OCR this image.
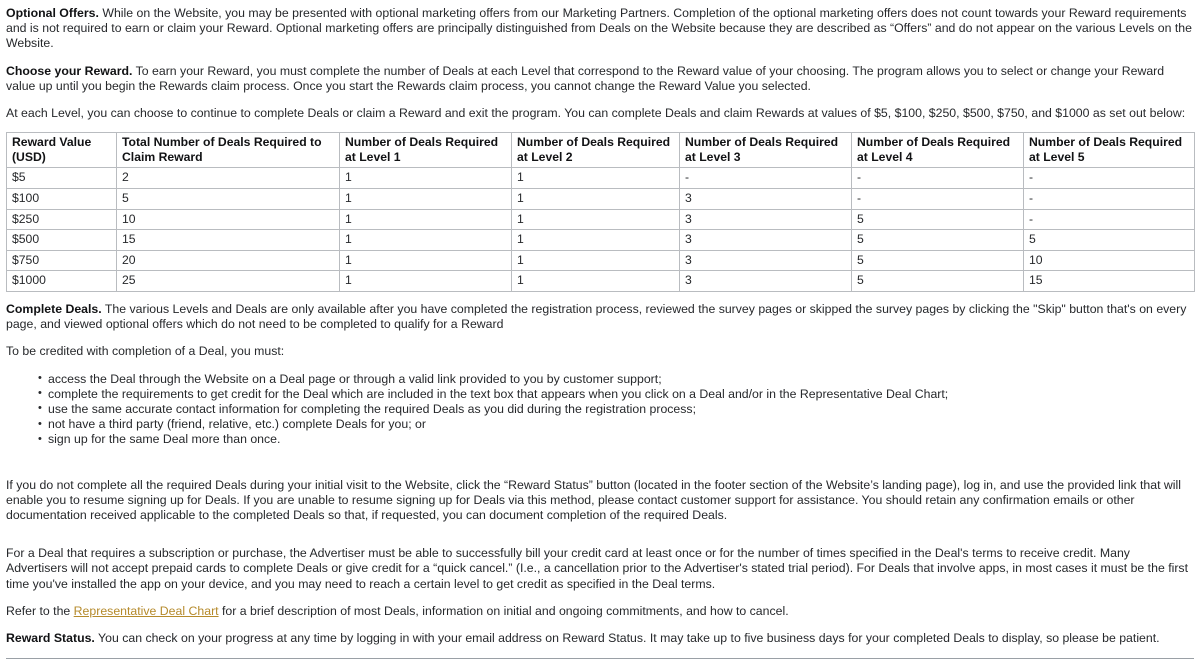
Optional Offers. While on the Website, you may be presented with optional marketing offers from our Marketing Partners. Completion of the optional marketing offers does not count towards your Reward requirements and is not required to earn or claim your Reward. Optional marketing offers are principally distinguished from Deals on the Website because they are described as “Offers” and do not appear on the various Levels on the Website.

Choose your Reward. To earn your Reward, you must complete the number of Deals at each Level that correspond to the Reward value of your choosing. The program allows you to select or change your Reward value up until you begin the Rewards claim process. Once you start the Rewards claim process, you cannot change the Reward Value you selected.

At each Level, you can choose to continue to complete Deals or claim a Reward and exit the program. You can complete Deals and claim Rewards at values of $5, $100, $250, $500, $750, and $1000 as set out below:

Reward Value (USD)	Total Number of Deals Required to Claim Reward	Number of Deals Required at Level 1	Number of Deals Required at Level 2	Number of Deals Required at Level 3	Number of Deals Required at Level 4	Number of Deals Required at Level 5
$5	2	1	1	-	-	-
$100	5	1	1	3	-	-
$250	10	1	1	3	5	-
$500	15	1	1	3	5	5
$750	20	1	1	3	5	10
$1000	25	1	1	3	5	15

Complete Deals. The various Levels and Deals are only available after you have completed the registration process, reviewed the survey pages or skipped the survey pages by clicking the "Skip" button that's on every page, and viewed optional offers which do not need to be completed to qualify for a Reward

To be credited with completion of a Deal, you must:

• access the Deal through the Website on a Deal page or through a valid link provided to you by customer support;
• complete the requirements to get credit for the Deal which are included in the text box that appears when you click on a Deal and/or in the Representative Deal Chart;
• use the same accurate contact information for completing the required Deals as you did during the registration process;
• not have a third party (friend, relative, etc.) complete Deals for you; or
• sign up for the same Deal more than once.

If you do not complete all the required Deals during your initial visit to the Website, click the “Reward Status” button (located in the footer section of the Website’s landing page), log in, and use the provided link that will enable you to resume signing up for Deals. If you are unable to resume signing up for Deals via this method, please contact customer support for assistance. You should retain any confirmation emails or other documentation received applicable to the completed Deals so that, if requested, you can document completion of the required Deals.

For a Deal that requires a subscription or purchase, the Advertiser must be able to successfully bill your credit card at least once or for the number of times specified in the Deal's terms to receive credit. Many Advertisers will not accept prepaid cards to complete Deals or give credit for a “quick cancel.” (I.e., a cancellation prior to the Advertiser's stated trial period). For Deals that involve apps, in most cases it must be the first time you've installed the app on your device, and you may need to reach a certain level to get credit as specified in the Deal terms.

Refer to the Representative Deal Chart for a brief description of most Deals, information on initial and ongoing commitments, and how to cancel.

Reward Status. You can check on your progress at any time by logging in with your email address on Reward Status. It may take up to five business days for your completed Deals to display, so please be patient.
